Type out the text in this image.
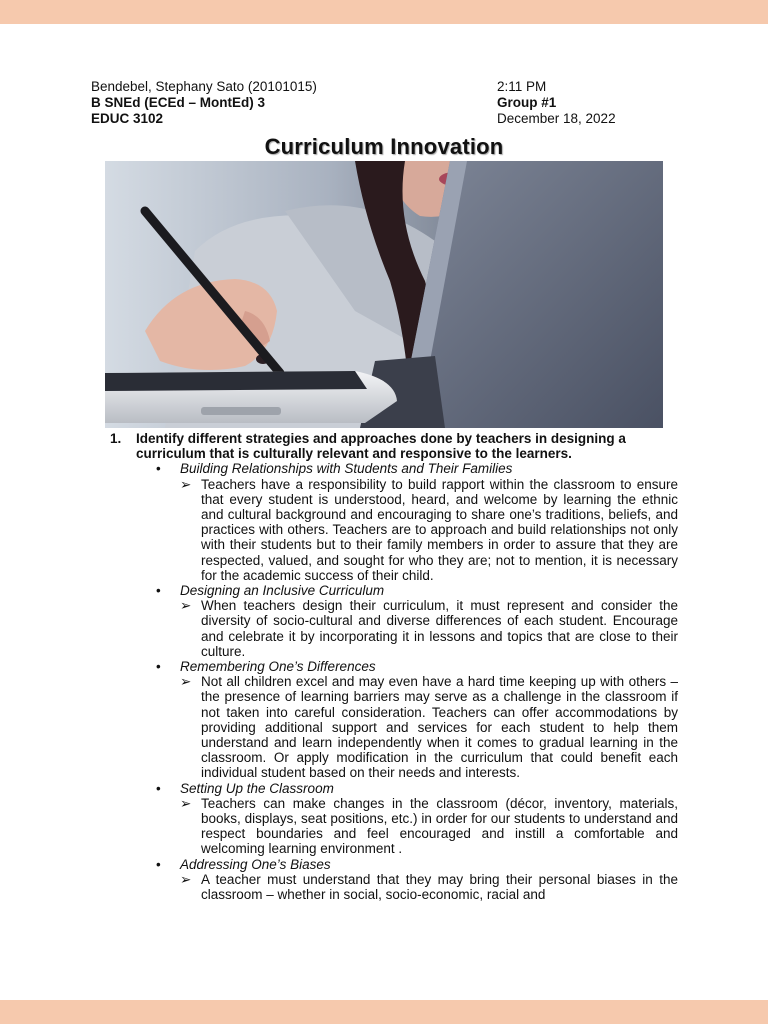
Bendebel, Stephany Sato (20101015)
B SNEd (ECEd – MontEd) 3
EDUC 3102
2:11 PM
Group #1
December 18, 2022
Curriculum Innovation
1.	Identify different strategies and approaches done by teachers in designing a curriculum that is culturally relevant and responsive to the learners.
•	Building Relationships with Students and Their Families
➢ Teachers have a responsibility to build rapport within the classroom to ensure that every student is understood, heard, and welcome by learning the ethnic and cultural background and encouraging to share one’s traditions, beliefs, and practices with others. Teachers are to approach and build relationships not only with their students but to their family members in order to assure that they are respected, valued, and sought for who they are; not to mention, it is necessary for the academic success of their child.
•	Designing an Inclusive Curriculum
➢ When teachers design their curriculum, it must represent and consider the diversity of socio-cultural and diverse differences of each student. Encourage and celebrate it by incorporating it in lessons and topics that are close to their culture.
•	Remembering One’s Differences
➢ Not all children excel and may even have a hard time keeping up with others – the presence of learning barriers may serve as a challenge in the classroom if not taken into careful consideration. Teachers can offer accommodations by providing additional support and services for each student to help them understand and learn independently when it comes to gradual learning in the classroom. Or apply modification in the curriculum that could benefit each individual student based on their needs and interests.
•	Setting Up the Classroom
➢ Teachers can make changes in the classroom (décor, inventory, materials, books, displays, seat positions, etc.) in order for our students to understand and respect boundaries and feel encouraged and instill a comfortable and welcoming learning environment .
•	Addressing One’s Biases
➢ A teacher must understand that they may bring their personal biases in the classroom – whether in social, socio-economic, racial and
